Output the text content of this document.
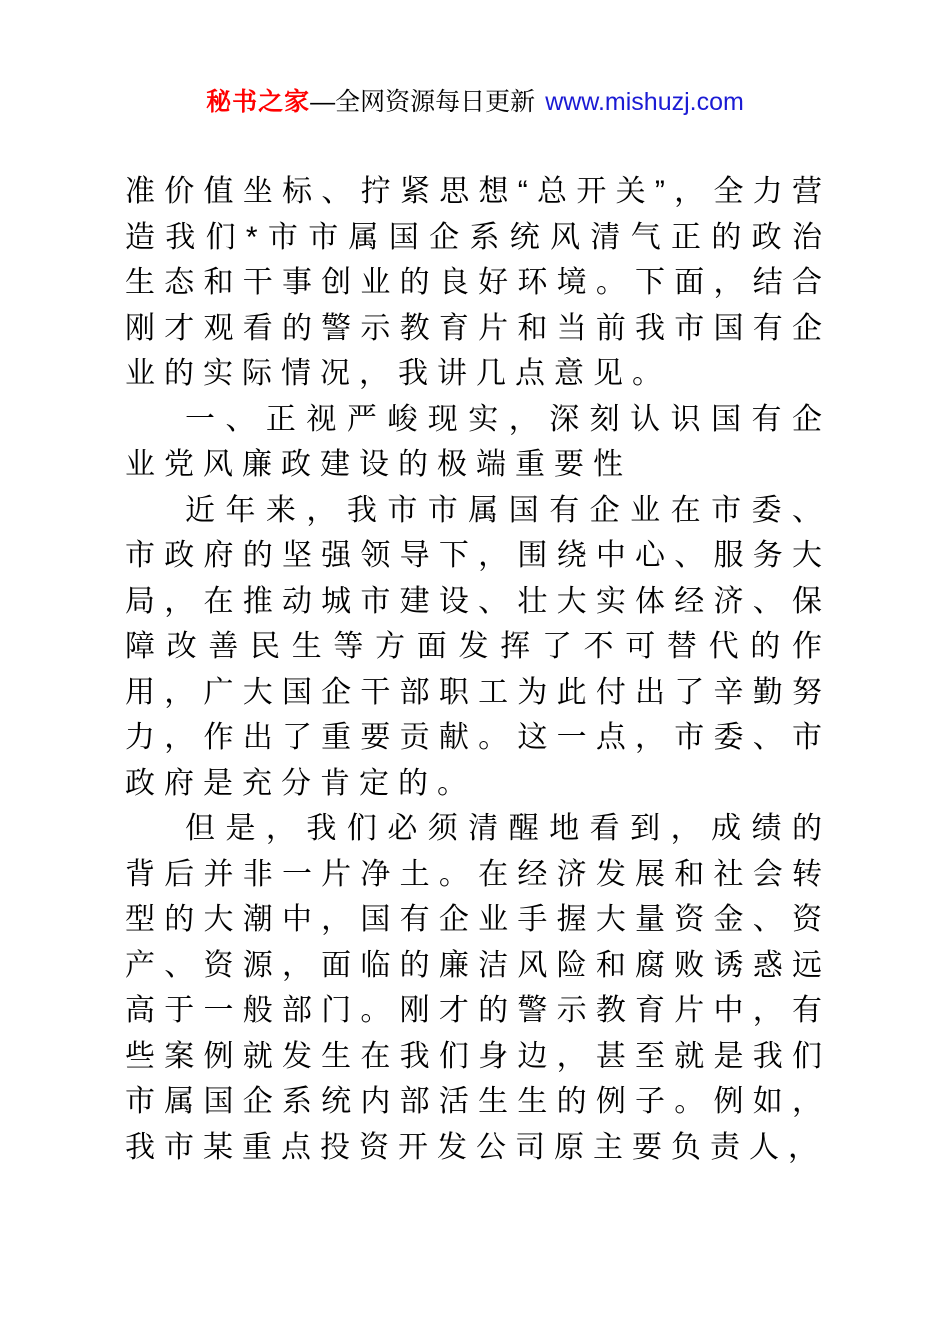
秘书之家—全网资源每日更新 www.mishuzj.com

准价值坐标、拧紧思想“总开关”，全力营造我们*市市属国企系统风清气正的政治生态和干事创业的良好环境。下面，结合刚才观看的警示教育片和当前我市国有企业的实际情况，我讲几点意见。

一、正视严峻现实，深刻认识国有企业党风廉政建设的极端重要性

近年来，我市市属国有企业在市委、市政府的坚强领导下，围绕中心、服务大局，在推动城市建设、壮大实体经济、保障改善民生等方面发挥了不可替代的作用，广大国企干部职工为此付出了辛勤努力，作出了重要贡献。这一点，市委、市政府是充分肯定的。

但是，我们必须清醒地看到，成绩的背后并非一片净土。在经济发展和社会转型的大潮中，国有企业手握大量资金、资产、资源，面临的廉洁风险和腐败诱惑远高于一般部门。刚才的警示教育片中，有些案例就发生在我们身边，甚至就是我们市属国企系统内部活生生的例子。例如，我市某重点投资开发公司原主要负责人，
